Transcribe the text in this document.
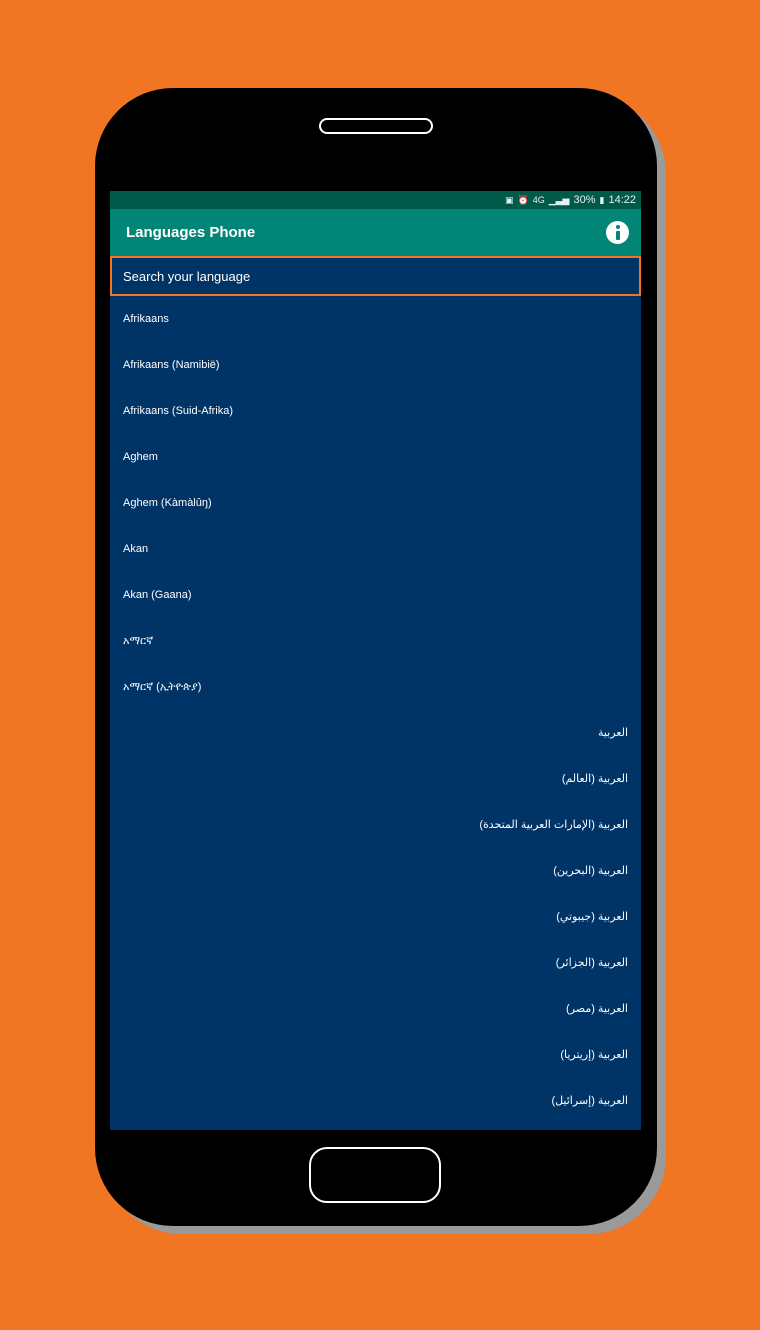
▣ ⏰ 4G ▁▃▅ 30% ▮ 14:22
Languages Phone
Search your language
Afrikaans
Afrikaans (Namibië)
Afrikaans (Suid-Afrika)
Aghem
Aghem (Kàmàlûŋ)
Akan
Akan (Gaana)
አማርኛ
አማርኛ (ኢትዮጵያ)
العربية
العربية (العالم)
العربية (الإمارات العربية المتحدة)
العربية (البحرين)
العربية (جيبوتي)
العربية (الجزائر)
العربية (مصر)
العربية (إريتريا)
العربية (إسرائيل)
